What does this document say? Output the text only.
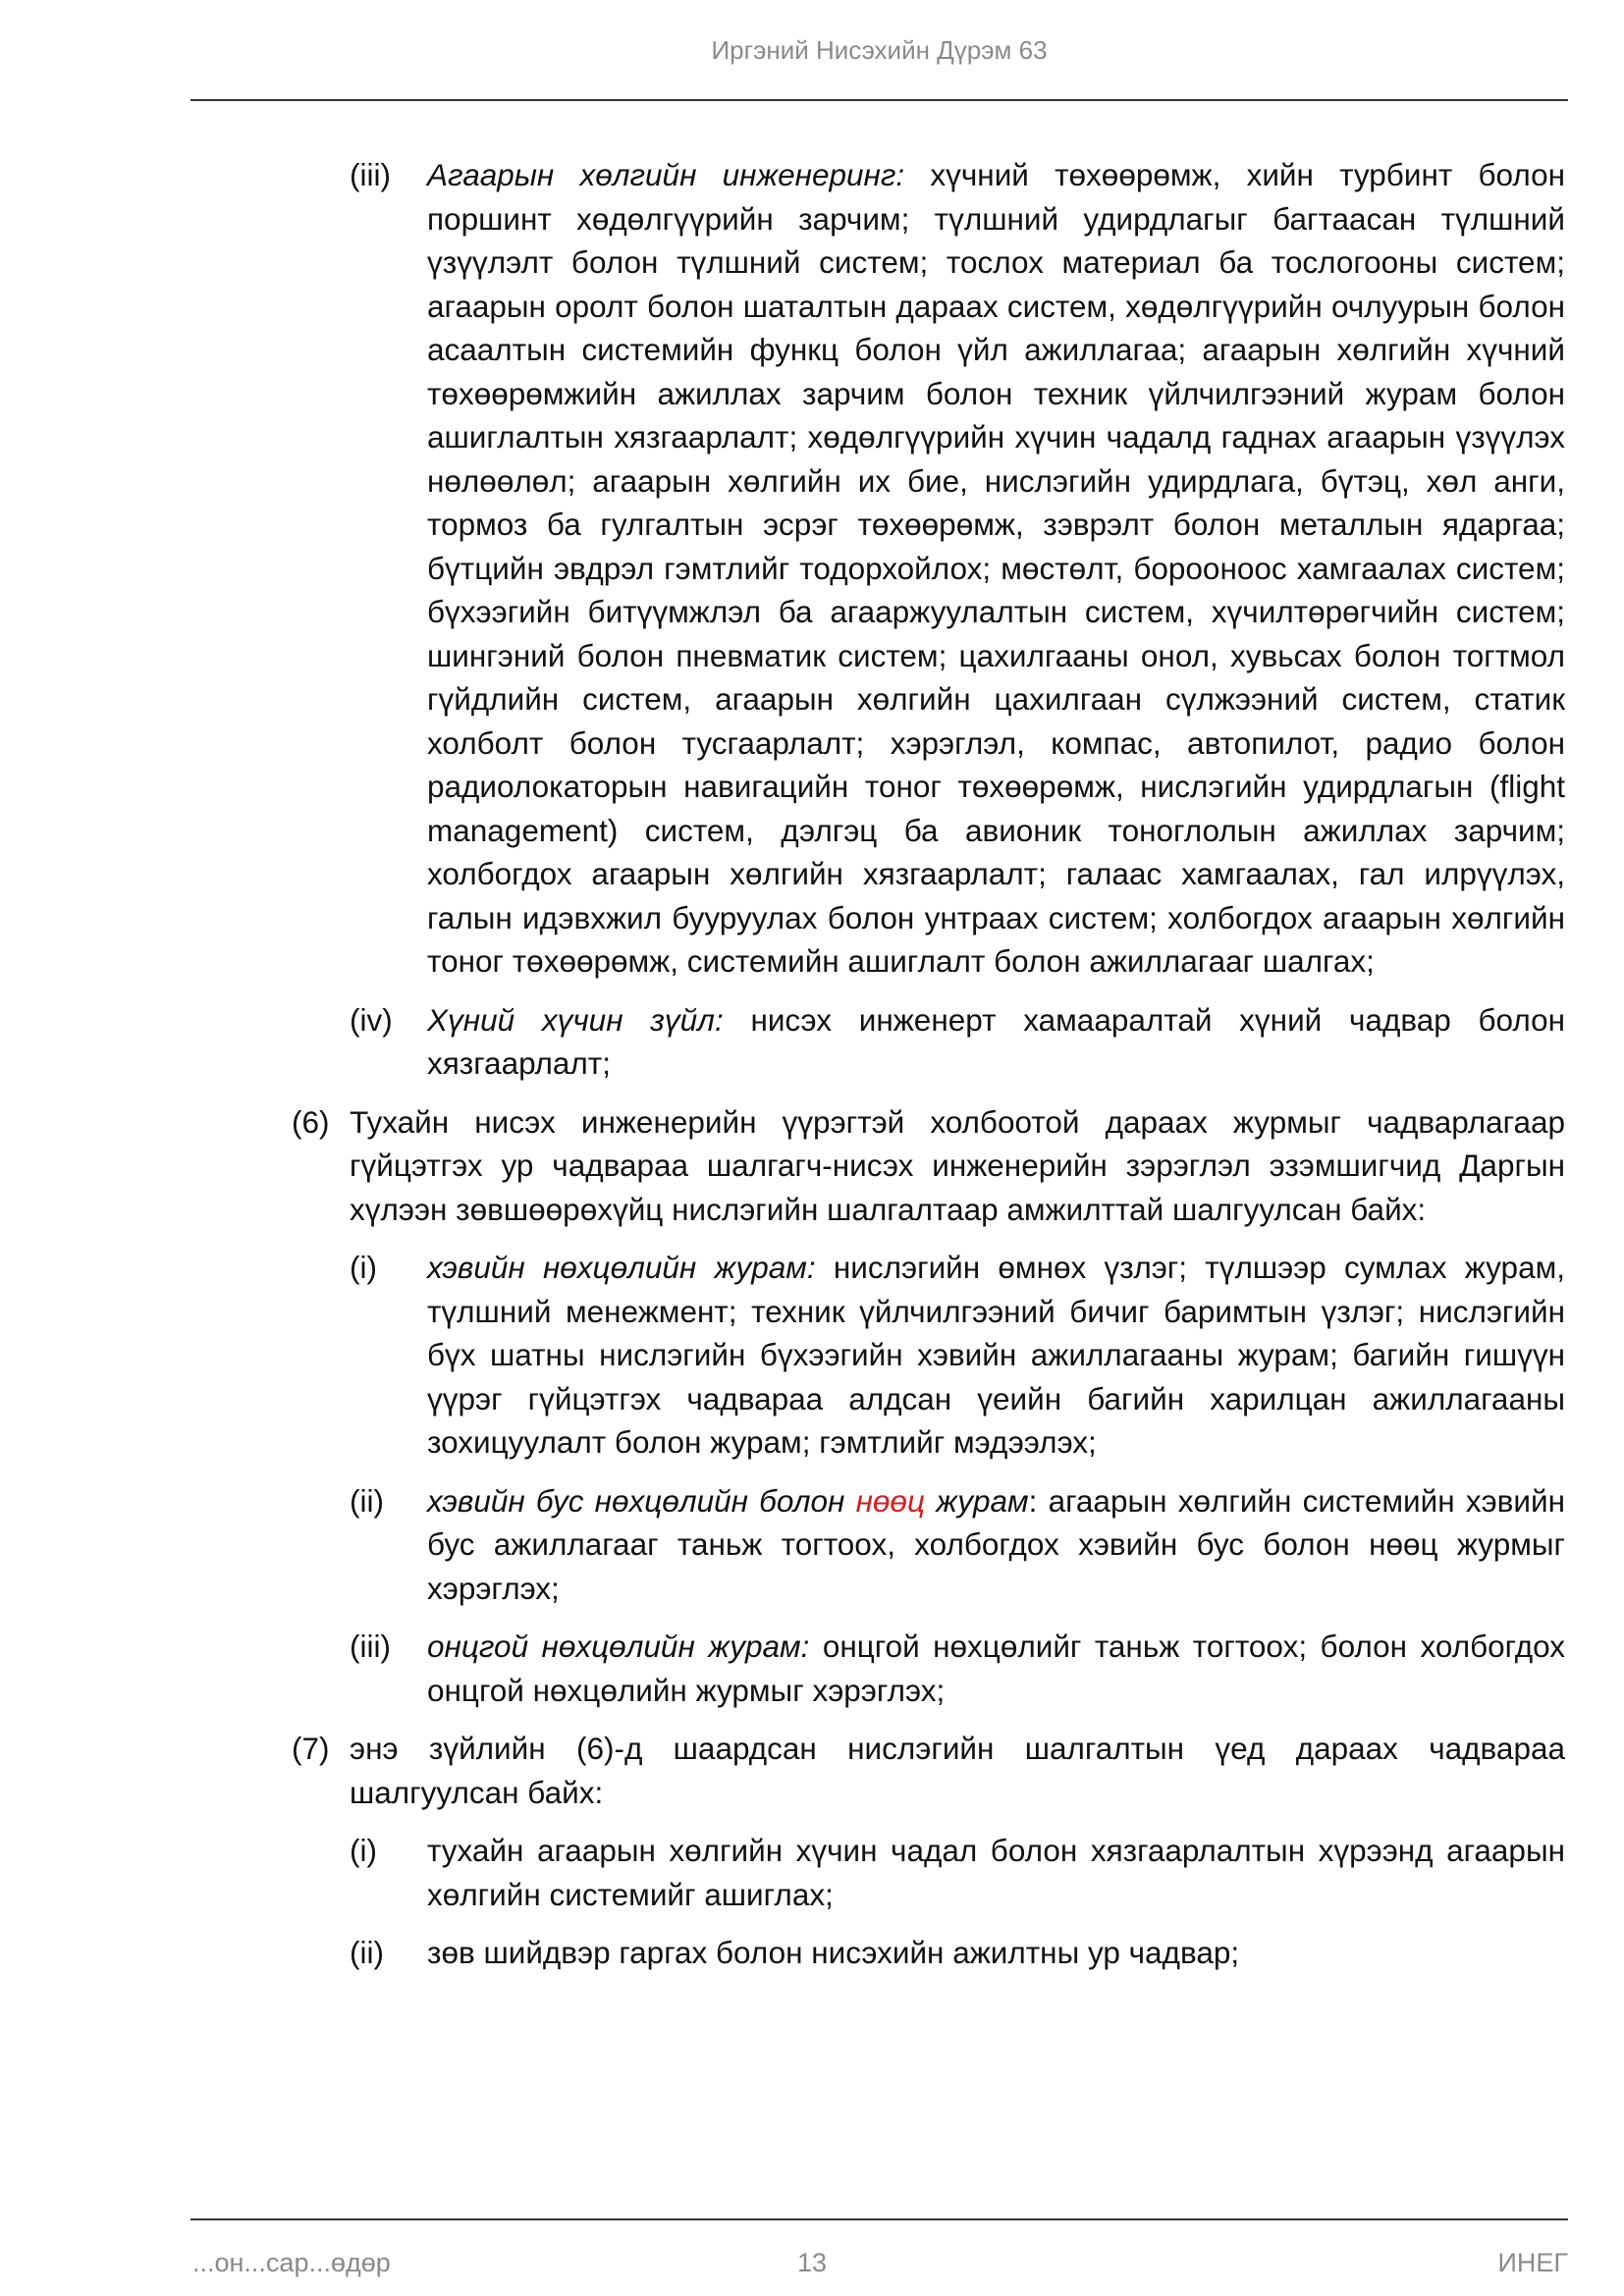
Иргэний Нисэхийн Дүрэм 63
(iii) Агаарын хөлгийн инженеринг: хүчний төхөөрөмж, хийн турбинт болон поршинт хөдөлгүүрийн зарчим; түлшний удирдлагыг багтаасан түлшний үзүүлэлт болон түлшний систем; тослох материал ба тослогооны систем; агаарын оролт болон шаталтын дараах систем, хөдөлгүүрийн очлуурын болон асаалтын системийн функц болон үйл ажиллагаа; агаарын хөлгийн хүчний төхөөрөмжийн ажиллах зарчим болон техник үйлчилгээний журам болон ашиглалтын хязгаарлалт; хөдөлгүүрийн хүчин чадалд гаднах агаарын үзүүлэх нөлөөлөл; агаарын хөлгийн их бие, нислэгийн удирдлага, бүтэц, хөл анги, тормоз ба гулгалтын эсрэг төхөөрөмж, зэврэлт болон металлын ядаргаа; бүтцийн эвдрэл гэмтлийг тодорхойлох; мөстөлт, бороонoос хамгаалах систем; бүхээгийн битүүмжлэл ба агааржуулалтын систем, хүчилтөрөгчийн систем; шингэний болон пневматик систем; цахилгааны онол, хувьсах болон тогтмол гүйдлийн систем, агаарын хөлгийн цахилгаан сүлжээний систем, статик холболт болон тусгаарлалт; хэрэглэл, компас, автопилот, радио болон радиолокаторын навигацийн тоног төхөөрөмж, нислэгийн удирдлагын (flight management) систем, дэлгэц ба авионик тоноглолын ажиллах зарчим; холбогдох агаарын хөлгийн хязгаарлалт; галаас хамгаалах, гал илрүүлэх, галын идэвхжил бууруулах болон унтраах систем; холбогдох агаарын хөлгийн тоног төхөөрөмж, системийн ашиглалт болон ажиллагааг шалгах;
(iv) Хүний хүчин зүйл: нисэх инженерт хамааралтай хүний чадвар болон хязгаарлалт;
(6) Тухайн нисэх инженерийн үүрэгтэй холбоотой дараах журмыг чадварлагаар гүйцэтгэх ур чадвараа шалгагч-нисэх инженерийн зэрэглэл эзэмшигчид Даргын хүлээн зөвшөөрөхүйц нислэгийн шалгалтаар амжилттай шалгуулсан байх:
(i) хэвийн нөхцөлийн журам: нислэгийн өмнөх үзлэг; түлшээр сумлах журам, түлшний менежмент; техник үйлчилгээний бичиг баримтын үзлэг; нислэгийн бүх шатны нислэгийн бүхээгийн хэвийн ажиллагааны журам; багийн гишүүн үүрэг гүйцэтгэх чадвараа алдсан үеийн багийн харилцан ажиллагааны зохицуулалт болон журам; гэмтлийг мэдээлэх;
(ii) хэвийн бус нөхцөлийн болон нөөц журам: агаарын хөлгийн системийн хэвийн бус ажиллагааг таньж тогтоох, холбогдох хэвийн бус болон нөөц журмыг хэрэглэх;
(iii) онцгой нөхцөлийн журам: онцгой нөхцөлийг таньж тогтоох; болон холбогдох онцгой нөхцөлийн журмыг хэрэглэх;
(7) энэ зүйлийн (6)-д шаардсан нислэгийн шалгалтын үед дараах чадвараа шалгуулсан байх:
(i) тухайн агаарын хөлгийн хүчин чадал болон хязгаарлалтын хүрээнд агаарын хөлгийн системийг ашиглах;
(ii) зөв шийдвэр гаргах болон нисэхийн ажилтны ур чадвар;
...он...сар...өдөр	13	ИНЕГ
